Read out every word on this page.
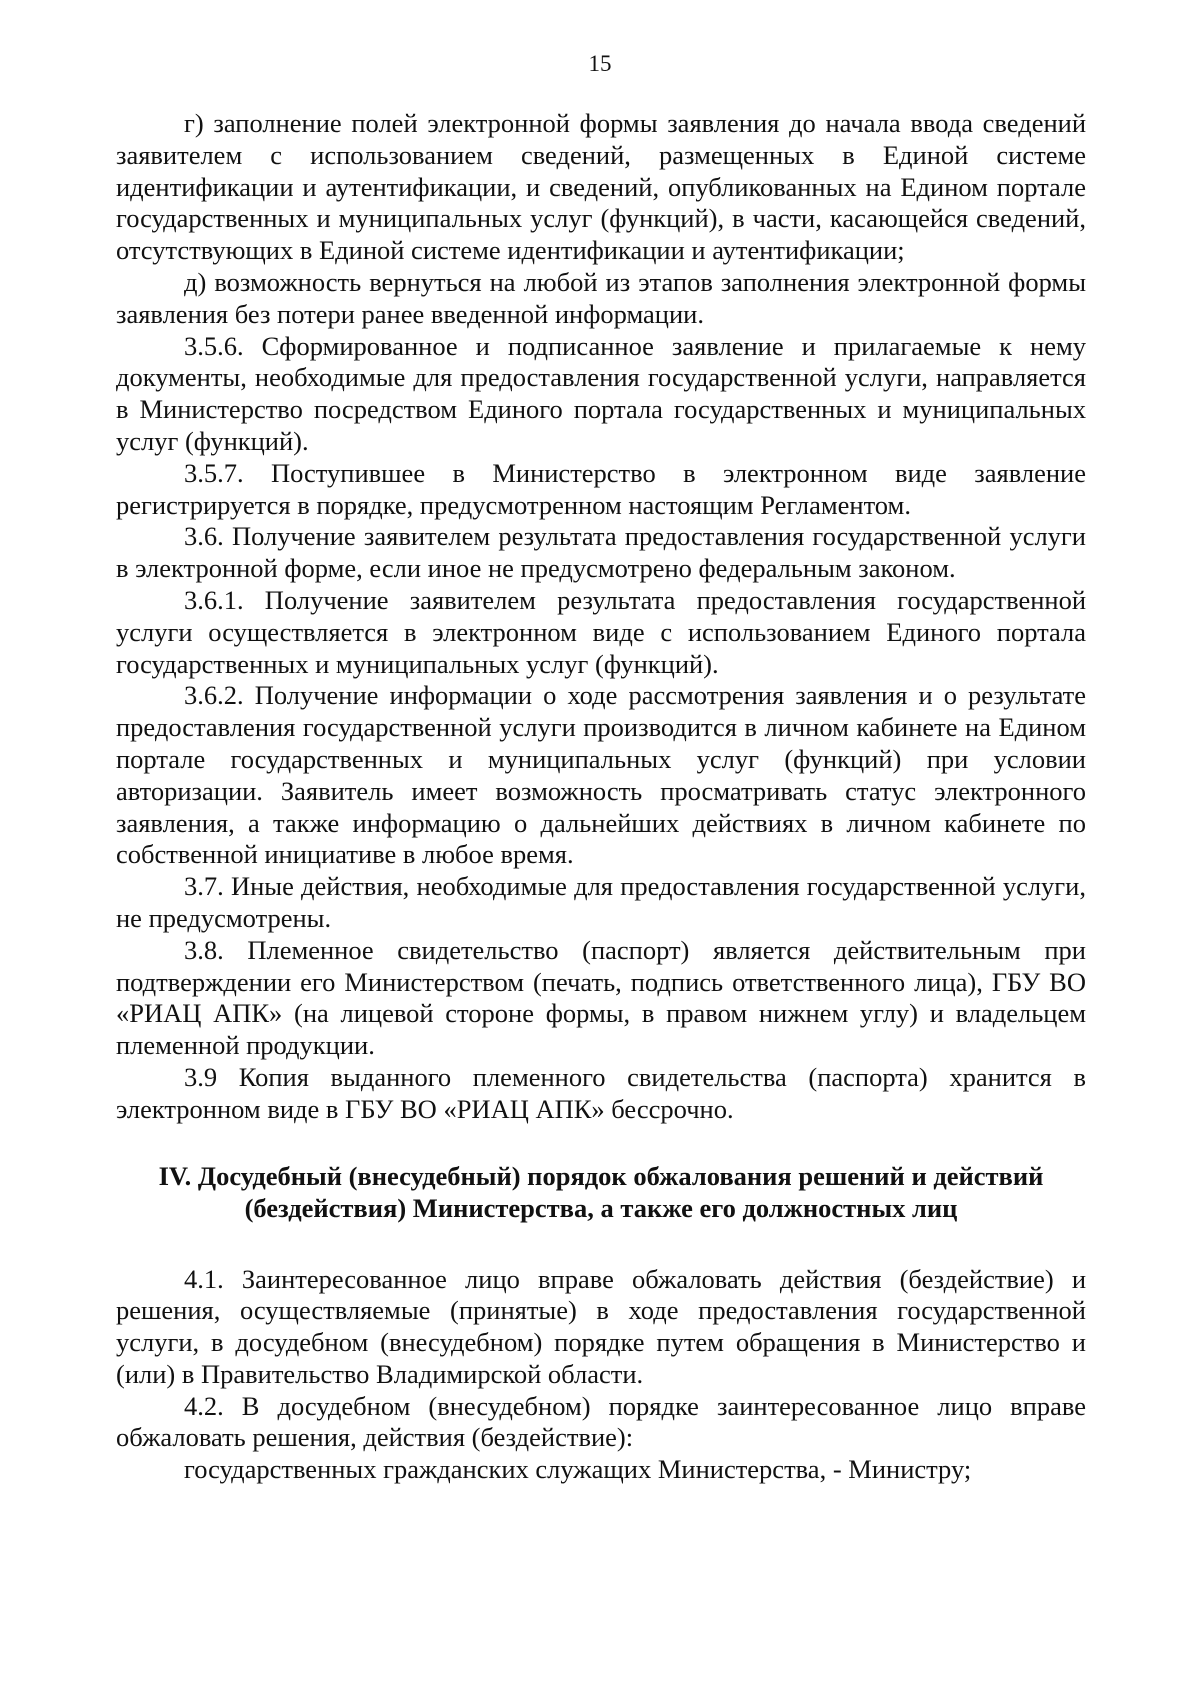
15

г) заполнение полей электронной формы заявления до начала ввода сведений заявителем с использованием сведений, размещенных в Единой системе идентификации и аутентификации, и сведений, опубликованных на Едином портале государственных и муниципальных услуг (функций), в части, касающейся сведений, отсутствующих в Единой системе идентификации и аутентификации;

д) возможность вернуться на любой из этапов заполнения электронной формы заявления без потери ранее введенной информации.

3.5.6. Сформированное и подписанное заявление и прилагаемые к нему документы, необходимые для предоставления государственной услуги, направляется в Министерство посредством Единого портала государственных и муниципальных услуг (функций).

3.5.7. Поступившее в Министерство в электронном виде заявление регистрируется в порядке, предусмотренном настоящим Регламентом.

3.6. Получение заявителем результата предоставления государственной услуги в электронной форме, если иное не предусмотрено федеральным законом.

3.6.1. Получение заявителем результата предоставления государственной услуги осуществляется в электронном виде с использованием Единого портала государственных и муниципальных услуг (функций).

3.6.2. Получение информации о ходе рассмотрения заявления и о результате предоставления государственной услуги производится в личном кабинете на Едином портале государственных и муниципальных услуг (функций) при условии авторизации. Заявитель имеет возможность просматривать статус электронного заявления, а также информацию о дальнейших действиях в личном кабинете по собственной инициативе в любое время.

3.7. Иные действия, необходимые для предоставления государственной услуги, не предусмотрены.

3.8. Племенное свидетельство (паспорт) является действительным при подтверждении его Министерством (печать, подпись ответственного лица), ГБУ ВО «РИАЦ АПК» (на лицевой стороне формы, в правом нижнем углу) и владельцем племенной продукции.

3.9 Копия выданного племенного свидетельства (паспорта) хранится в электронном виде в ГБУ ВО «РИАЦ АПК» бессрочно.

IV. Досудебный (внесудебный) порядок обжалования решений и действий

(бездействия) Министерства, а также его должностных лиц

4.1. Заинтересованное лицо вправе обжаловать действия (бездействие) и решения, осуществляемые (принятые) в ходе предоставления государственной услуги, в досудебном (внесудебном) порядке путем обращения в Министерство и (или) в Правительство Владимирской области.

4.2. В досудебном (внесудебном) порядке заинтересованное лицо вправе обжаловать решения, действия (бездействие):

государственных гражданских служащих Министерства, - Министру;
